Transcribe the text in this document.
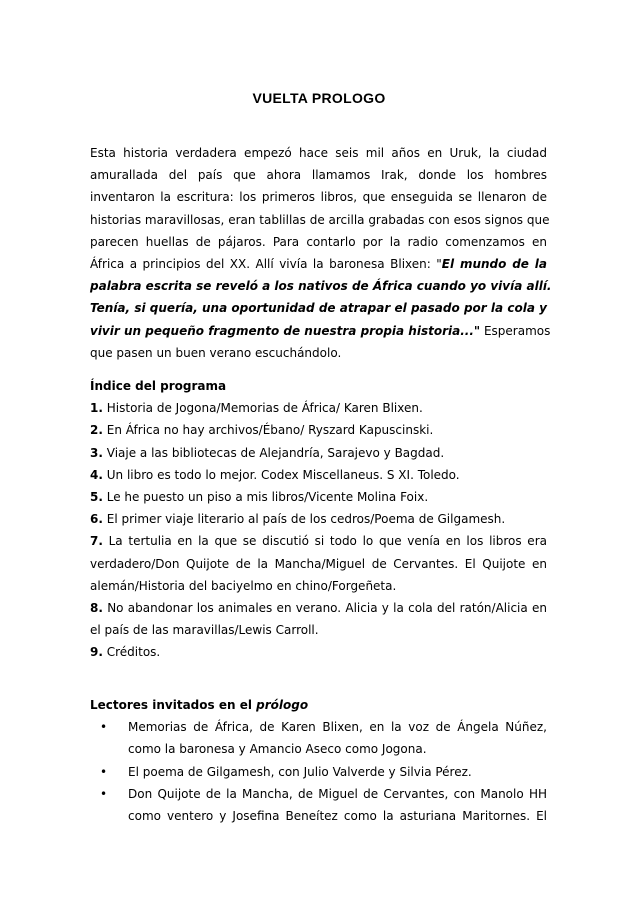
VUELTA PROLOGO
Esta historia verdadera empezó hace seis mil años en Uruk, la ciudad
amurallada del país que ahora llamamos Irak, donde los hombres
inventaron la escritura: los primeros libros, que enseguida se llenaron de
historias maravillosas, eran tablillas de arcilla grabadas con esos signos que
parecen huellas de pájaros. Para contarlo por la radio comenzamos en
África a principios del XX. Allí vivía la baronesa Blixen: "El mundo de la
palabra escrita se reveló a los nativos de África cuando yo vivía allí.
Tenía, si quería, una oportunidad de atrapar el pasado por la cola y
vivir un pequeño fragmento de nuestra propia historia..." Esperamos
que pasen un buen verano escuchándolo.
Índice del programa
1. Historia de Jogona/Memorias de África/ Karen Blixen.
2. En África no hay archivos/Ébano/ Ryszard Kapuscinski.
3. Viaje a las bibliotecas de Alejandría, Sarajevo y Bagdad.
4. Un libro es todo lo mejor. Codex Miscellaneus. S XI. Toledo.
5. Le he puesto un piso a mis libros/Vicente Molina Foix.
6. El primer viaje literario al país de los cedros/Poema de Gilgamesh.
7. La tertulia en la que se discutió si todo lo que venía en los libros era
verdadero/Don Quijote de la Mancha/Miguel de Cervantes. El Quijote en
alemán/Historia del baciyelmo en chino/Forgeñeta.
8. No abandonar los animales en verano. Alicia y la cola del ratón/Alicia en
el país de las maravillas/Lewis Carroll.
9. Créditos.
Lectores invitados en el prólogo
• Memorias de África, de Karen Blixen, en la voz de Ángela Núñez,
como la baronesa y Amancio Aseco como Jogona.
• El poema de Gilgamesh, con Julio Valverde y Silvia Pérez.
• Don Quijote de la Mancha, de Miguel de Cervantes, con Manolo HH
como ventero y Josefina Beneítez como la asturiana Maritornes. El
